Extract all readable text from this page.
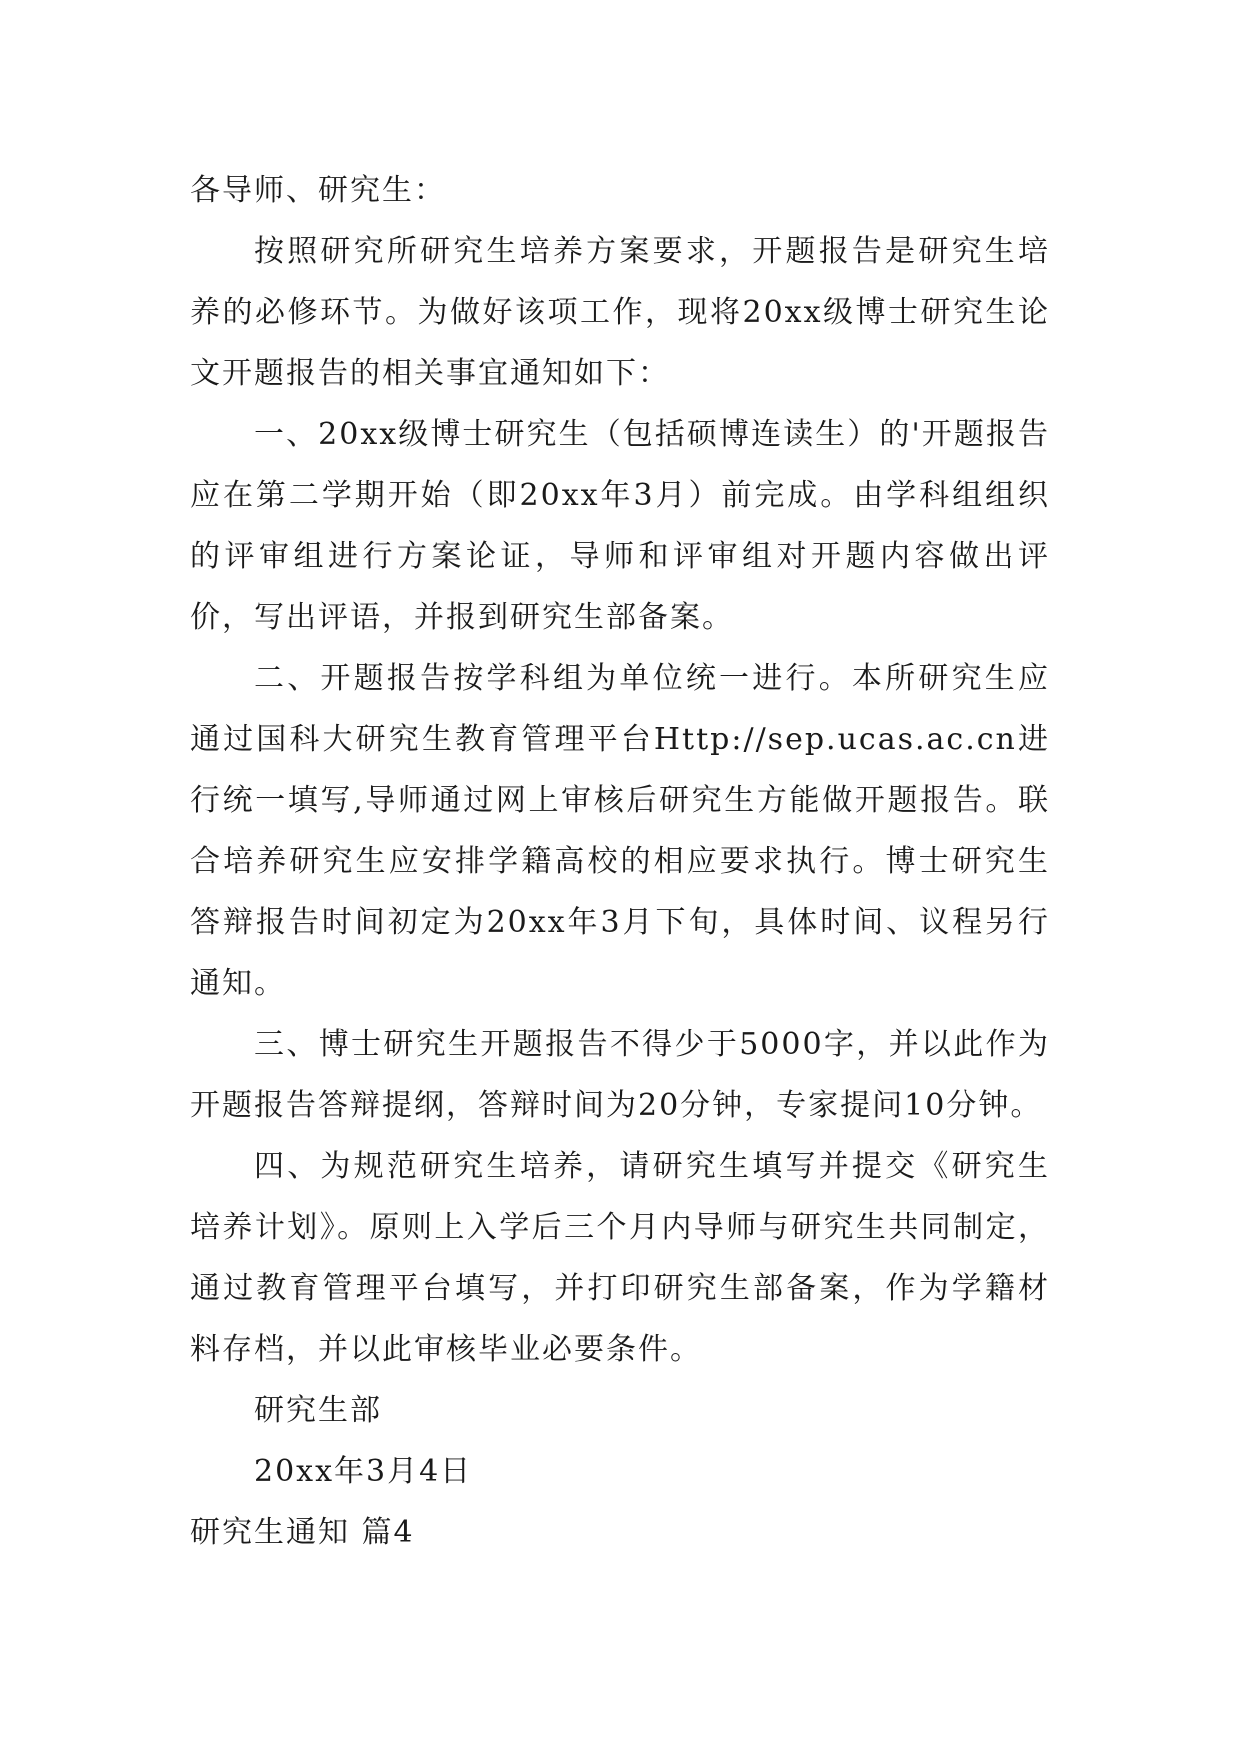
各导师、研究生：

按照研究所研究生培养方案要求，开题报告是研究生培养的必修环节。为做好该项工作，现将20xx级博士研究生论文开题报告的相关事宜通知如下：

一、20xx级博士研究生（包括硕博连读生）的'开题报告应在第二学期开始（即20xx年3月）前完成。由学科组组织的评审组进行方案论证，导师和评审组对开题内容做出评价，写出评语，并报到研究生部备案。

二、开题报告按学科组为单位统一进行。本所研究生应通过国科大研究生教育管理平台Http://sep.ucas.ac.cn进行统一填写,导师通过网上审核后研究生方能做开题报告。联合培养研究生应安排学籍高校的相应要求执行。博士研究生答辩报告时间初定为20xx年3月下旬，具体时间、议程另行通知。

三、博士研究生开题报告不得少于5000字，并以此作为开题报告答辩提纲，答辩时间为20分钟，专家提问10分钟。

四、为规范研究生培养，请研究生填写并提交《研究生培养计划》。原则上入学后三个月内导师与研究生共同制定，通过教育管理平台填写，并打印研究生部备案，作为学籍材料存档，并以此审核毕业必要条件。

研究生部

20xx年3月4日

研究生通知 篇4
